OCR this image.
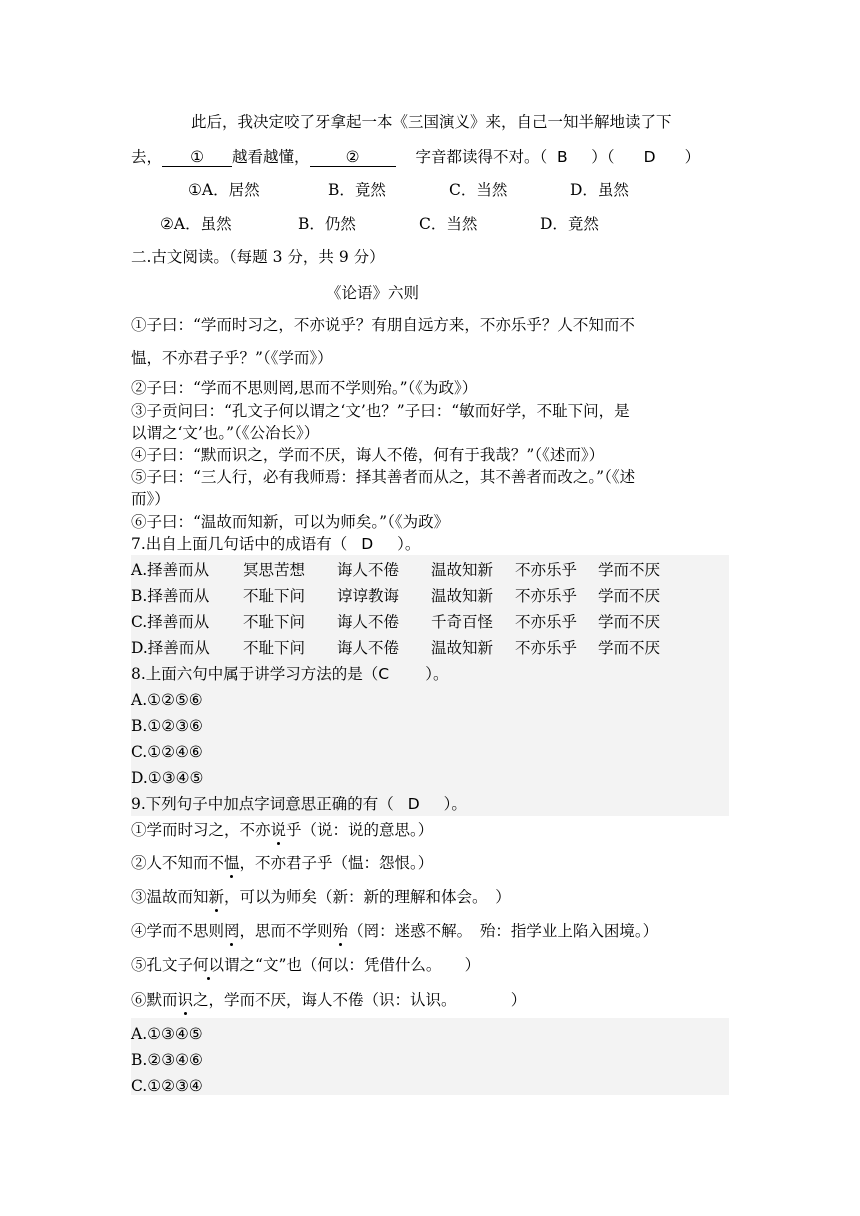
此后，我决定咬了牙拿起一本《三国演义》来，自己一知半解地读了下
去， ① 越看越懂， ②	字音都读得不对。（ B ）（ D ）
①A．居然	B．竟然	C．当然	D．虽然
②A．虽然	B．仍然	C．当然	D．竟然
二.古文阅读。（每题 3 分，共 9 分）
《论语》六则
①子曰：“学而时习之，不亦说乎？有朋自远方来，不亦乐乎？人不知而不
愠，不亦君子乎？”（《学而》）
②子曰：“学而不思则罔,思而不学则殆。”（《为政》）
③子贡问曰：“孔文子何以谓之‘文’也？”子曰：“敏而好学，不耻下问，是
以谓之‘文’也。”（《公冶长》）
④子曰：“默而识之，学而不厌，诲人不倦，何有于我哉？”（《述而》）
⑤子曰：“三人行，必有我师焉：择其善者而从之，其不善者而改之。”（《述
而》）
⑥子曰：“温故而知新，可以为师矣。”（《为政》
7.出自上面几句话中的成语有（ D ）。
A.择善而从 冥思苦想 诲人不倦 温故知新 不亦乐乎 学而不厌
B.择善而从 不耻下问 谆谆教诲 温故知新 不亦乐乎 学而不厌
C.择善而从 不耻下问 诲人不倦 千奇百怪 不亦乐乎 学而不厌
D.择善而从 不耻下问 诲人不倦 温故知新 不亦乐乎 学而不厌
8.上面六句中属于讲学习方法的是（C ）。
A.①②⑤⑥
B.①②③⑥
C.①②④⑥
D.①③④⑤
9.下列句子中加点字词意思正确的有（ D ）。
①学而时习之，不亦说乎（说：说的意思。）
②人不知而不愠，不亦君子乎（愠：怨恨。）
③温故而知新，可以为师矣（新：新的理解和体会。　）
④学而不思则罔，思而不学则殆（罔：迷惑不解。　殆：指学业上陷入困境。）
⑤孔文子何以谓之“文”也（何以：凭借什么。　　）
⑥默而识之，学而不厌，诲人不倦（识：认识。　　　　）
A.①③④⑤
B.②③④⑥
C.①②③④
